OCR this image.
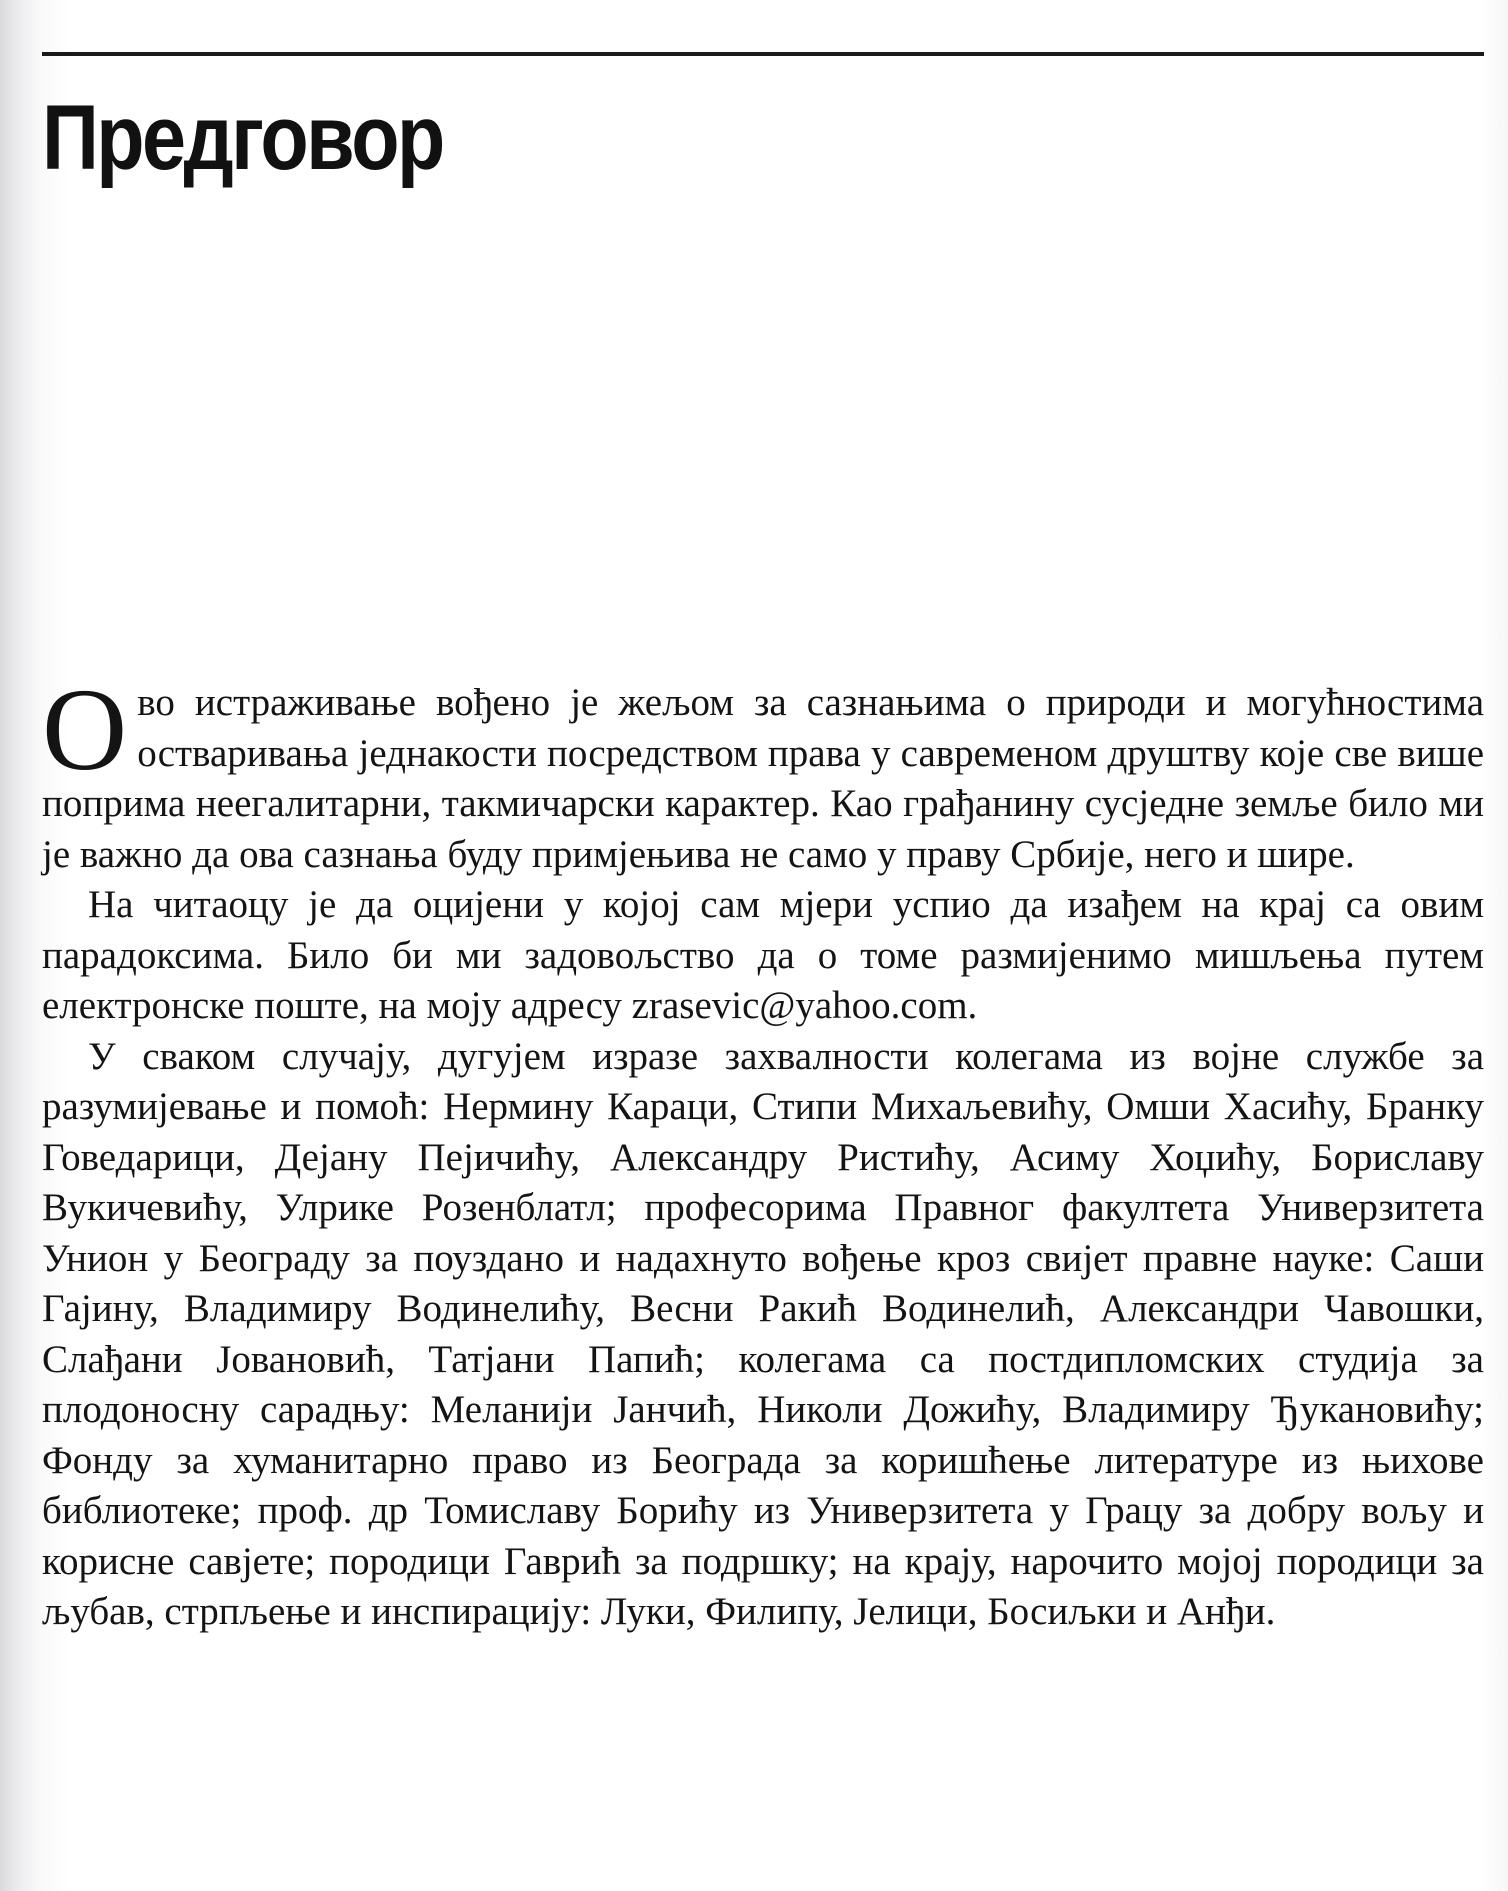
Предговор

Ово истраживање вођено је жељом за сазнањима о природи и могућностима остваривања једнакости посредством права у савременом друштву које све више поприма неегалитарни, такмичарски карактер. Као грађанину сусједне земље било ми је важно да ова сазнања буду примјењива не само у праву Србије, него и шире.

На читаоцу је да оцијени у којој сам мјери успио да изађем на крај са овим парадоксима. Било би ми задовољство да о томе размијенимо мишљења путем електронске поште, на моју адресу zrasevic@yahoo.com.

У сваком случају, дугујем изразе захвалности колегама из војне службе за разумијевање и помоћ: Нермину Караци, Стипи Михаљевићу, Омши Хасићу, Бранку Говедарици, Дејану Пејичићу, Александру Ристићу, Асиму Хоџићу, Бориславу Вукичевићу, Улрике Розенблатл; професорима Правног факултета Универзитета Унион у Београду за поуздано и надахнуто вођење кроз свијет правне науке: Саши Гајину, Владимиру Водинелићу, Весни Ракић Водинелић, Александри Чавошки, Слађани Јовановић, Татјани Папић; колегама са постдипломских студија за плодоносну сарадњу: Меланији Јанчић, Николи Дожићу, Владимиру Ђукановићу; Фонду за хуманитарно право из Београда за коришћење литературе из њихове библиотеке; проф. др Томиславу Борићу из Универзитета у Грацу за добру вољу и корисне савјете; породици Гаврић за подршку; на крају, нарочито мојој породици за љубав, стрпљење и инспирацију: Луки, Филипу, Јелици, Босиљки и Анђи.
